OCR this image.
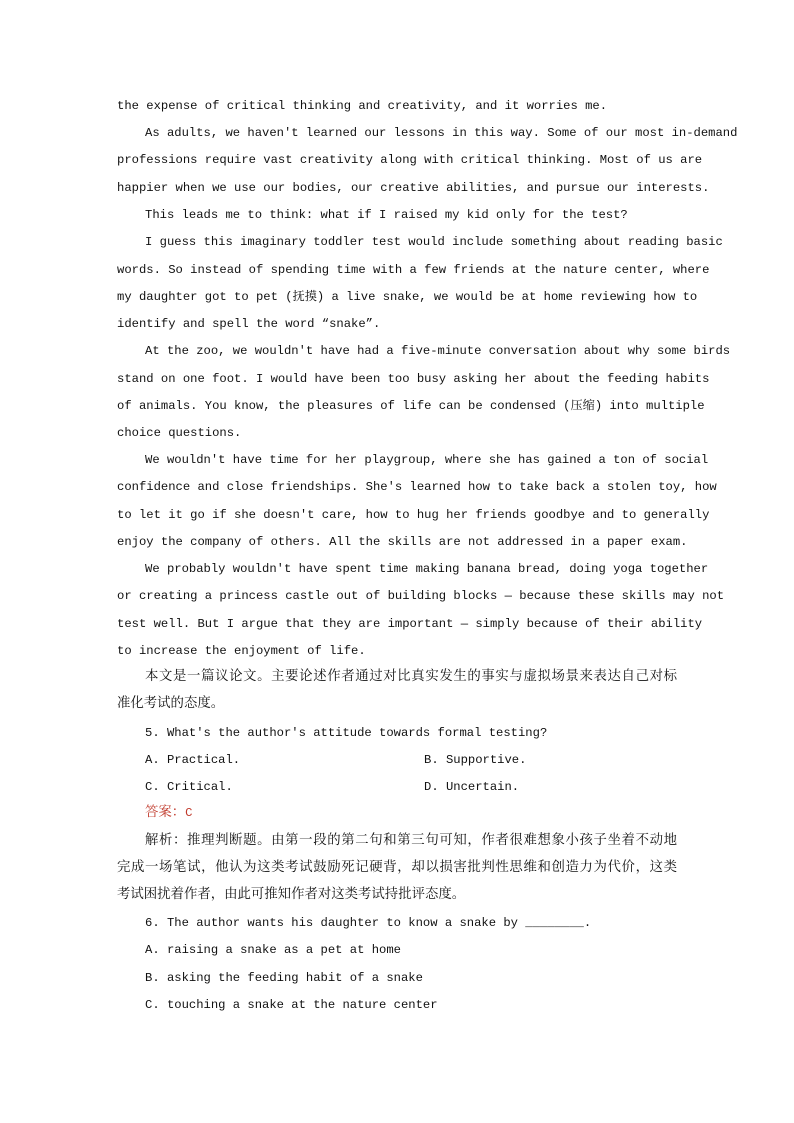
the expense of critical thinking and creativity, and it worries me.
As adults, we haven't learned our lessons in this way. Some of our most in-demand
professions require vast creativity along with critical thinking. Most of us are
happier when we use our bodies, our creative abilities, and pursue our interests.
This leads me to think: what if I raised my kid only for the test?
I guess this imaginary toddler test would include something about reading basic
words. So instead of spending time with a few friends at the nature center, where
my daughter got to pet (抚摸) a live snake, we would be at home reviewing how to
identify and spell the word “snake”.
At the zoo, we wouldn't have had a five-minute conversation about why some birds
stand on one foot. I would have been too busy asking her about the feeding habits
of animals. You know, the pleasures of life can be condensed (压缩) into multiple
choice questions.
We wouldn't have time for her playgroup, where she has gained a ton of social
confidence and close friendships. She's learned how to take back a stolen toy, how
to let it go if she doesn't care, how to hug her friends goodbye and to generally
enjoy the company of others. All the skills are not addressed in a paper exam.
We probably wouldn't have spent time making banana bread, doing yoga together
or creating a princess castle out of building blocks — because these skills may not
test well. But I argue that they are important — simply because of their ability
to increase the enjoyment of life.
本文是一篇议论文。主要论述作者通过对比真实发生的事实与虚拟场景来表达自己对标
准化考试的态度。
5. What's the author's attitude towards formal testing?
A. Practical.	B. Supportive.
C. Critical.	D. Uncertain.
答案：C
解析：推理判断题。由第一段的第二句和第三句可知，作者很难想象小孩子坐着不动地
完成一场笔试，他认为这类考试鼓励死记硬背，却以损害批判性思维和创造力为代价，这类
考试困扰着作者，由此可推知作者对这类考试持批评态度。
6. The author wants his daughter to know a snake by ________.
A. raising a snake as a pet at home
B. asking the feeding habit of a snake
C. touching a snake at the nature center
